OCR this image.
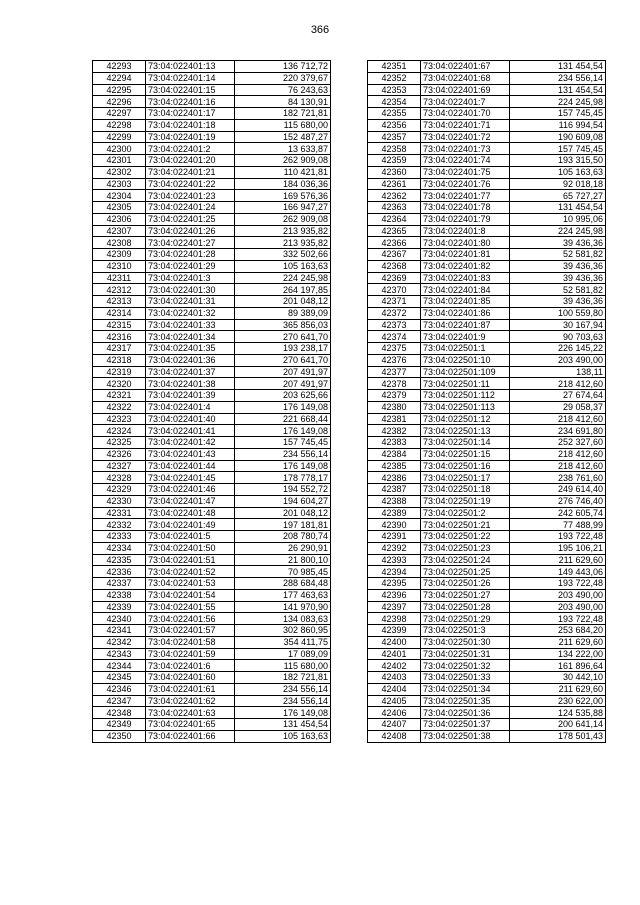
366
42293	73:04:022401:13	136 712,72
42294	73:04:022401:14	220 379,67
42295	73:04:022401:15	76 243,63
42296	73:04:022401:16	84 130,91
42297	73:04:022401:17	182 721,81
42298	73:04:022401:18	115 680,00
42299	73:04:022401:19	152 487,27
42300	73:04:022401:2	13 633,87
42301	73:04:022401:20	262 909,08
42302	73:04:022401:21	110 421,81
42303	73:04:022401:22	184 036,36
42304	73:04:022401:23	169 576,36
42305	73:04:022401:24	166 947,27
42306	73:04:022401:25	262 909,08
42307	73:04:022401:26	213 935,82
42308	73:04:022401:27	213 935,82
42309	73:04:022401:28	332 502,66
42310	73:04:022401:29	105 163,63
42311	73:04:022401:3	224 245,98
42312	73:04:022401:30	264 197,85
42313	73:04:022401:31	201 048,12
42314	73:04:022401:32	89 389,09
42315	73:04:022401:33	365 856,03
42316	73:04:022401:34	270 641,70
42317	73:04:022401:35	193 238,17
42318	73:04:022401:36	270 641,70
42319	73:04:022401:37	207 491,97
42320	73:04:022401:38	207 491,97
42321	73:04:022401:39	203 625,66
42322	73:04:022401:4	176 149,08
42323	73:04:022401:40	221 668,44
42324	73:04:022401:41	176 149,08
42325	73:04:022401:42	157 745,45
42326	73:04:022401:43	234 556,14
42327	73:04:022401:44	176 149,08
42328	73:04:022401:45	178 778,17
42329	73:04:022401:46	194 552,72
42330	73:04:022401:47	194 604,27
42331	73:04:022401:48	201 048,12
42332	73:04:022401:49	197 181,81
42333	73:04:022401:5	208 780,74
42334	73:04:022401:50	26 290,91
42335	73:04:022401:51	21 800,10
42336	73:04:022401:52	70 985,45
42337	73:04:022401:53	288 684,48
42338	73:04:022401:54	177 463,63
42339	73:04:022401:55	141 970,90
42340	73:04:022401:56	134 083,63
42341	73:04:022401:57	302 860,95
42342	73:04:022401:58	354 411,75
42343	73:04:022401:59	17 089,09
42344	73:04:022401:6	115 680,00
42345	73:04:022401:60	182 721,81
42346	73:04:022401:61	234 556,14
42347	73:04:022401:62	234 556,14
42348	73:04:022401:63	176 149,08
42349	73:04:022401:65	131 454,54
42350	73:04:022401:66	105 163,63
42351	73:04:022401:67	131 454,54
42352	73:04:022401:68	234 556,14
42353	73:04:022401:69	131 454,54
42354	73:04:022401:7	224 245,98
42355	73:04:022401:70	157 745,45
42356	73:04:022401:71	116 994,54
42357	73:04:022401:72	190 609,08
42358	73:04:022401:73	157 745,45
42359	73:04:022401:74	193 315,50
42360	73:04:022401:75	105 163,63
42361	73:04:022401:76	92 018,18
42362	73:04:022401:77	65 727,27
42363	73:04:022401:78	131 454,54
42364	73:04:022401:79	10 995,06
42365	73:04:022401:8	224 245,98
42366	73:04:022401:80	39 436,36
42367	73:04:022401:81	52 581,82
42368	73:04:022401:82	39 436,36
42369	73:04:022401:83	39 436,36
42370	73:04:022401:84	52 581,82
42371	73:04:022401:85	39 436,36
42372	73:04:022401:86	100 559,80
42373	73:04:022401:87	30 167,94
42374	73:04:022401:9	90 703,63
42375	73:04:022501:1	226 145,22
42376	73:04:022501:10	203 490,00
42377	73:04:022501:109	138,11
42378	73:04:022501:11	218 412,60
42379	73:04:022501:112	27 674,64
42380	73:04:022501:113	29 058,37
42381	73:04:022501:12	218 412,60
42382	73:04:022501:13	234 691,80
42383	73:04:022501:14	252 327,60
42384	73:04:022501:15	218 412,60
42385	73:04:022501:16	218 412,60
42386	73:04:022501:17	238 761,60
42387	73:04:022501:18	249 614,40
42388	73:04:022501:19	276 746,40
42389	73:04:022501:2	242 605,74
42390	73:04:022501:21	77 488,99
42391	73:04:022501:22	193 722,48
42392	73:04:022501:23	195 106,21
42393	73:04:022501:24	211 629,60
42394	73:04:022501:25	149 443,06
42395	73:04:022501:26	193 722,48
42396	73:04:022501:27	203 490,00
42397	73:04:022501:28	203 490,00
42398	73:04:022501:29	193 722,48
42399	73:04:022501:3	253 684,20
42400	73:04:022501:30	211 629,60
42401	73:04:022501:31	134 222,00
42402	73:04:022501:32	161 896,64
42403	73:04:022501:33	30 442,10
42404	73:04:022501:34	211 629,60
42405	73:04:022501:35	230 622,00
42406	73:04:022501:36	124 535,88
42407	73:04:022501:37	200 641,14
42408	73:04:022501:38	178 501,43
